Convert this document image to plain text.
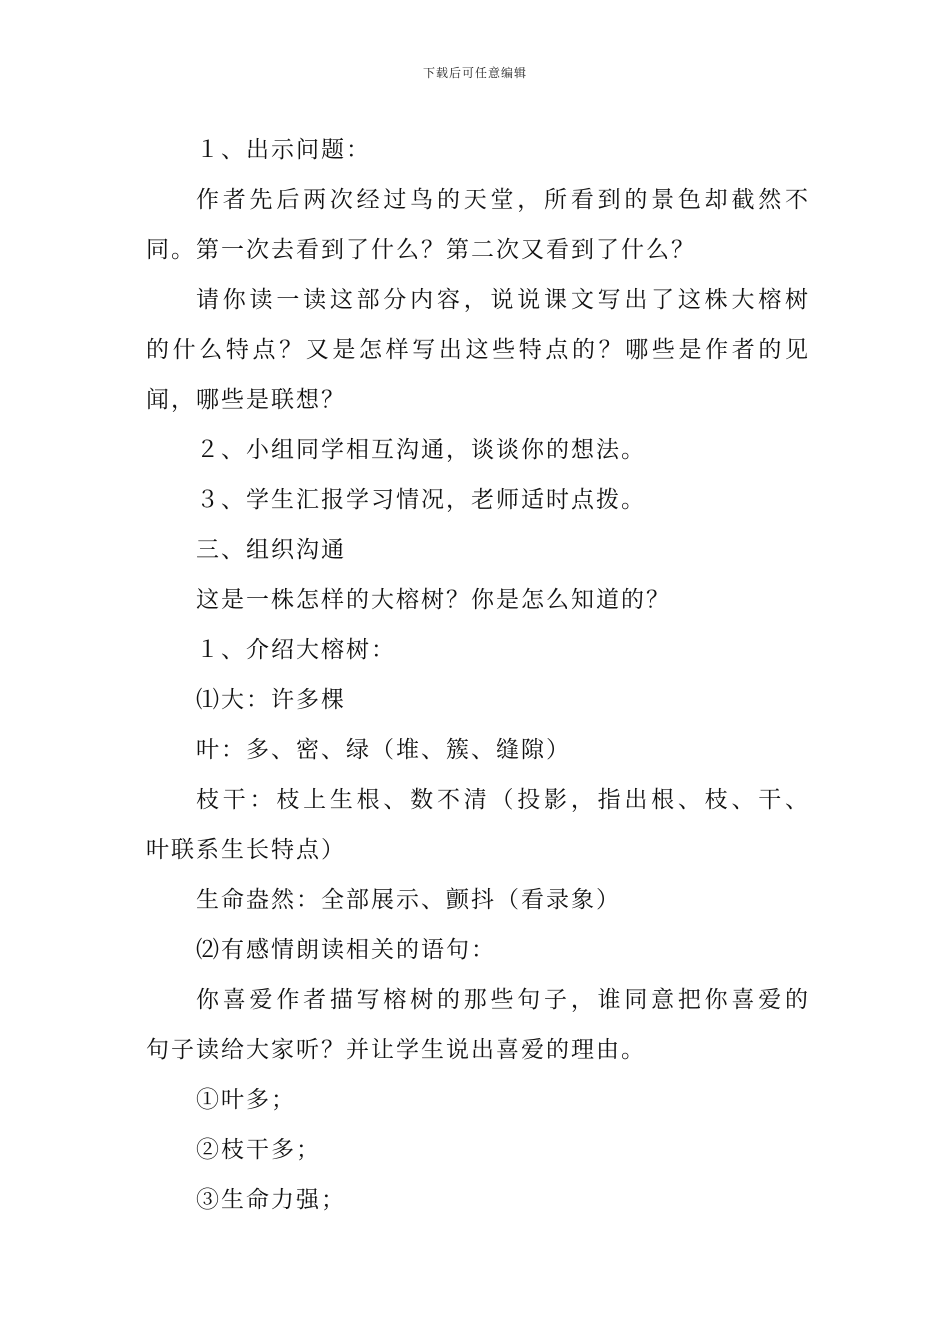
下载后可任意编辑
１、出示问题：
作者先后两次经过鸟的天堂，所看到的景色却截然不
同。第一次去看到了什么？第二次又看到了什么？
请你读一读这部分内容，说说课文写出了这株大榕树
的什么特点？又是怎样写出这些特点的？哪些是作者的见
闻，哪些是联想？
２、小组同学相互沟通，谈谈你的想法。
３、学生汇报学习情况，老师适时点拨。
三、组织沟通
这是一株怎样的大榕树？你是怎么知道的？
１、介绍大榕树：
⑴大：许多棵
叶：多、密、绿（堆、簇、缝隙）
枝干：枝上生根、数不清（投影，指出根、枝、干、
叶联系生长特点）
生命盎然：全部展示、颤抖（看录象）
⑵有感情朗读相关的语句：
你喜爱作者描写榕树的那些句子，谁同意把你喜爱的
句子读给大家听？并让学生说出喜爱的理由。
①叶多；
②枝干多；
③生命力强；
